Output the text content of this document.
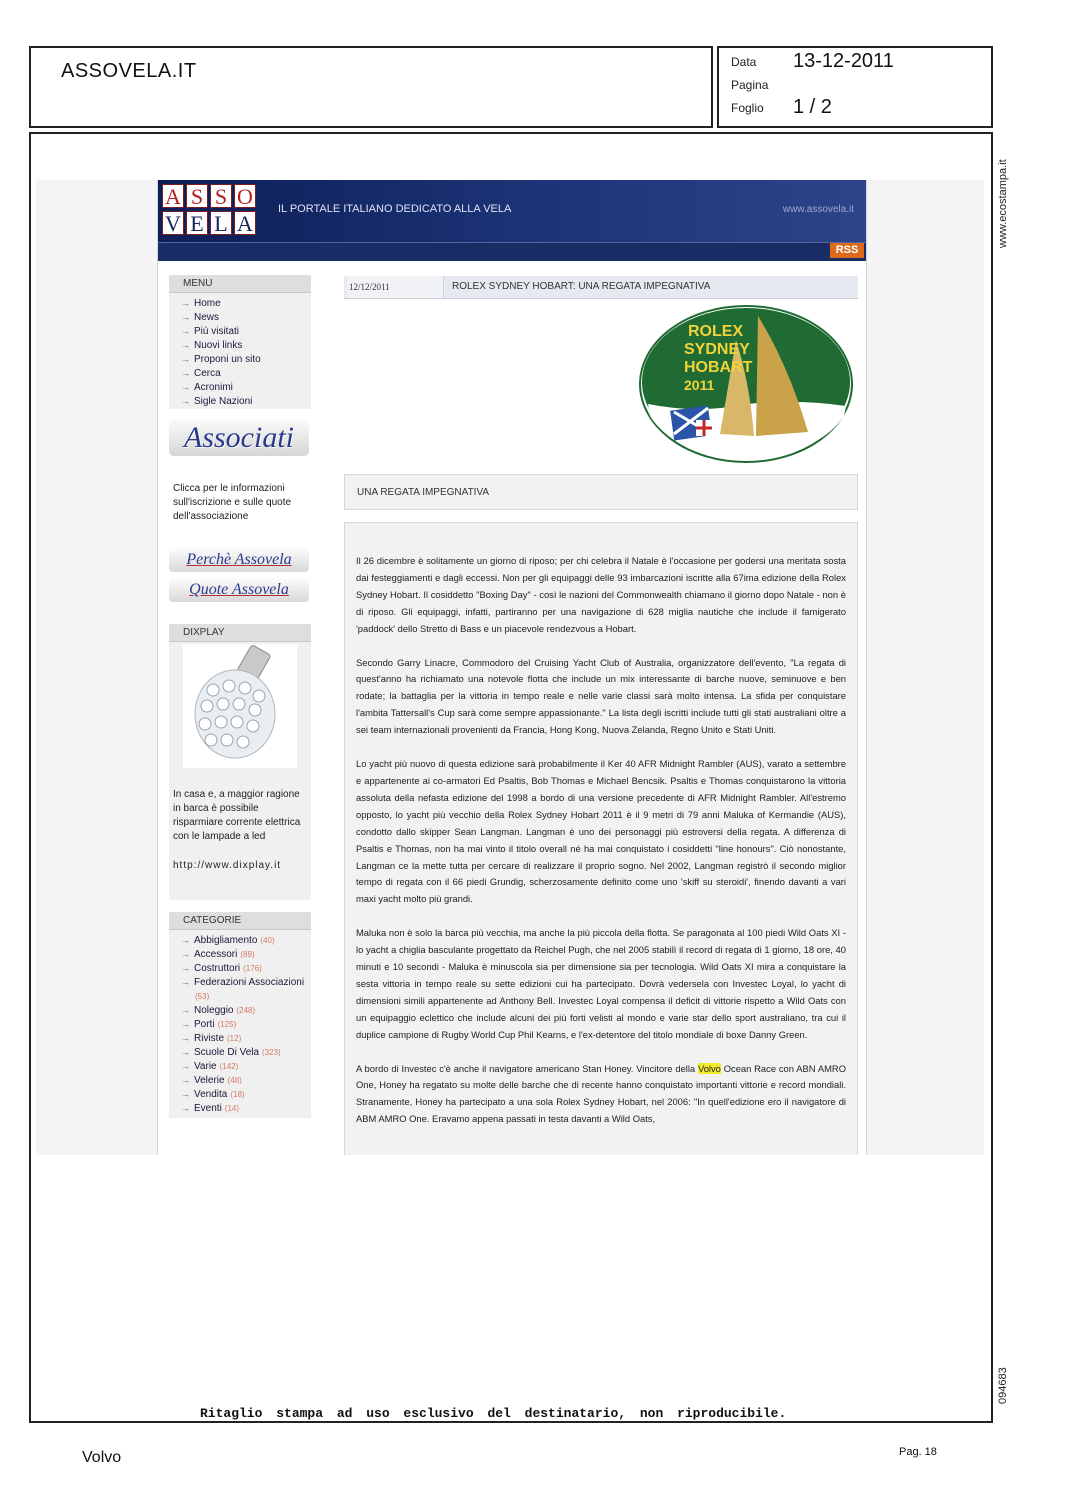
ASSOVELA.IT	Data 13-12-2011
Pagina
Foglio 1 / 2
www.ecostampa.it
094683
A S S O
V E L A
IL PORTALE ITALIANO DEDICATO ALLA VELA	www.assovela.it
RSS
MENU
→ Home
→ News
→ Più visitati
→ Nuovi links
→ Proponi un sito
→ Cerca
→ Acronimi
→ Sigle Nazioni
Associati
Clicca per le informazioni sull'iscrizione e sulle quote dell'associazione
Perchè Assovela
Quote Assovela
DIXPLAY
In casa e, a maggior ragione in barca è possibile risparmiare corrente elettrica con le lampade a led
http://www.dixplay.it
CATEGORIE
→ Abbigliamento (40)
→ Accessori (89)
→ Costruttori (176)
→ Federazioni Associazioni
(53)
→ Noleggio (248)
→ Porti (125)
→ Riviste (12)
→ Scuole Di Vela (323)
→ Varie (142)
→ Velerie (48)
→ Vendita (18)
→ Eventi (14)
12/12/2011	ROLEX SYDNEY HOBART: UNA REGATA IMPEGNATIVA
ROLEX
SYDNEY
HOBART
2011
UNA REGATA IMPEGNATIVA

Il 26 dicembre è solitamente un giorno di riposo; per chi celebra il Natale è l'occasione per godersi una meritata sosta dai festeggiamenti e dagli eccessi. Non per gli equipaggi delle 93 imbarcazioni iscritte alla 67ima edizione della Rolex Sydney Hobart. Il cosiddetto "Boxing Day" - così le nazioni del Commonwealth chiamano il giorno dopo Natale - non è di riposo. Gli equipaggi, infatti, partiranno per una navigazione di 628 miglia nautiche che include il famigerato 'paddock' dello Stretto di Bass e un piacevole rendezvous a Hobart.

Secondo Garry Linacre, Commodoro del Cruising Yacht Club of Australia, organizzatore dell'evento, "La regata di quest'anno ha richiamato una notevole flotta che include un mix interessante di barche nuove, seminuove e ben rodate; la battaglia per la vittoria in tempo reale e nelle varie classi sarà molto intensa. La sfida per conquistare l'ambita Tattersall's Cup sarà come sempre appassionante." La lista degli iscritti include tutti gli stati australiani oltre a sei team internazionali provenienti da Francia, Hong Kong, Nuova Zelanda, Regno Unito e Stati Uniti.

Lo yacht più nuovo di questa edizione sarà probabilmente il Ker 40 AFR Midnight Rambler (AUS), varato a settembre e appartenente ai co-armatori Ed Psaltis, Bob Thomas e Michael Bencsik. Psaltis e Thomas conquistarono la vittoria assoluta della nefasta edizione del 1998 a bordo di una versione precedente di AFR Midnight Rambler. All'estremo opposto, lo yacht più vecchio della Rolex Sydney Hobart 2011 è il 9 metri di 79 anni Maluka of Kermandie (AUS), condotto dallo skipper Sean Langman. Langman è uno dei personaggi più estroversi della regata. A differenza di Psaltis e Thomas, non ha mai vinto il titolo overall né ha mai conquistato i cosiddetti "line honours". Ciò nonostante, Langman ce la mette tutta per cercare di realizzare il proprio sogno. Nel 2002, Langman registrò il secondo miglior tempo di regata con il 66 piedi Grundig, scherzosamente definito come uno 'skiff su steroidi', finendo davanti a vari maxi yacht molto più grandi.

Maluka non è solo la barca più vecchia, ma anche la più piccola della flotta. Se paragonata al 100 piedi Wild Oats XI - lo yacht a chiglia basculante progettato da Reichel Pugh, che nel 2005 stabilì il record di regata di 1 giorno, 18 ore, 40 minuti e 10 secondi - Maluka è minuscola sia per dimensione sia per tecnologia. Wild Oats XI mira a conquistare la sesta vittoria in tempo reale su sette edizioni cui ha partecipato. Dovrà vedersela con Investec Loyal, lo yacht di dimensioni simili appartenente ad Anthony Bell. Investec Loyal compensa il deficit di vittorie rispetto a Wild Oats con un equipaggio eclettico che include alcuni dei più forti velisti al mondo e varie star dello sport australiano, tra cui il duplice campione di Rugby World Cup Phil Kearns, e l'ex-detentore del titolo mondiale di boxe Danny Green.

A bordo di Investec c'è anche il navigatore americano Stan Honey. Vincitore della Volvo Ocean Race con ABN AMRO One, Honey ha regatato su molte delle barche che di recente hanno conquistato importanti vittorie e record mondiali. Stranamente, Honey ha partecipato a una sola Rolex Sydney Hobart, nel 2006: "In quell'edizione ero il navigatore di ABM AMRO One. Eravamo appena passati in testa davanti a Wild Oats,

Ritaglio stampa ad uso esclusivo del destinatario, non riproducibile.
Volvo	Pag. 18
